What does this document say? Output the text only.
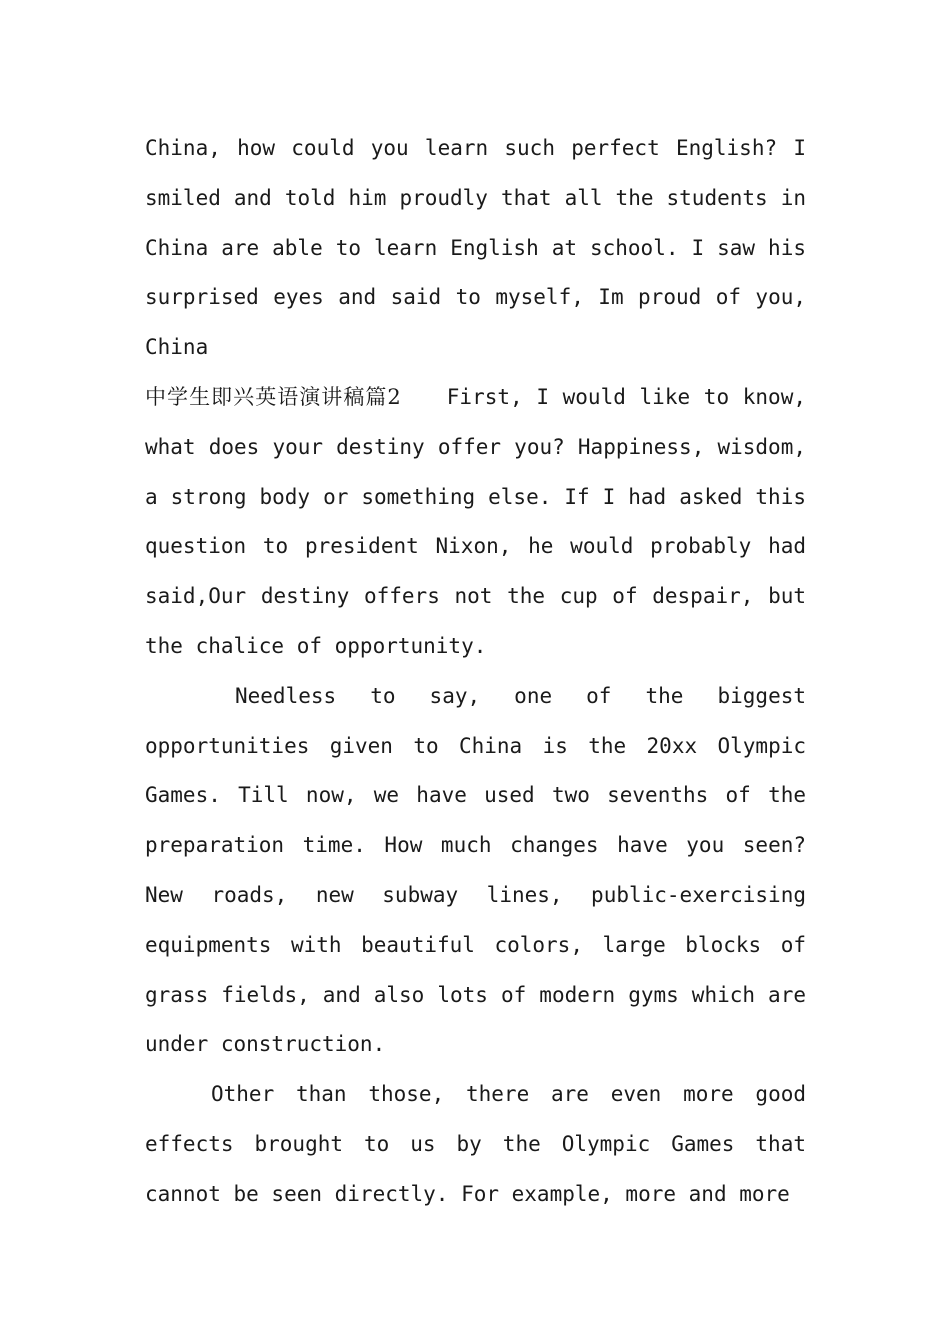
China, how could you learn such perfect English? I smiled and told him proudly that all the students in China are able to learn English at school. I saw his surprised eyes and said to myself, Im proud of you, China

中学生即兴英语演讲稿篇2 First, I would like to know, what does your destiny offer you? Happiness, wisdom, a strong body or something else. If I had asked this question to president Nixon, he would probably had said,Our destiny offers not the cup of despair, but the chalice of opportunity.

Needless to say, one of the biggest opportunities given to China is the 20xx Olympic Games. Till now, we have used two sevenths of the preparation time. How much changes have you seen? New roads, new subway lines, public-exercising equipments with beautiful colors, large blocks of grass fields, and also lots of modern gyms which are under construction.

Other than those, there are even more good effects brought to us by the Olympic Games that cannot be seen directly. For example, more and more
